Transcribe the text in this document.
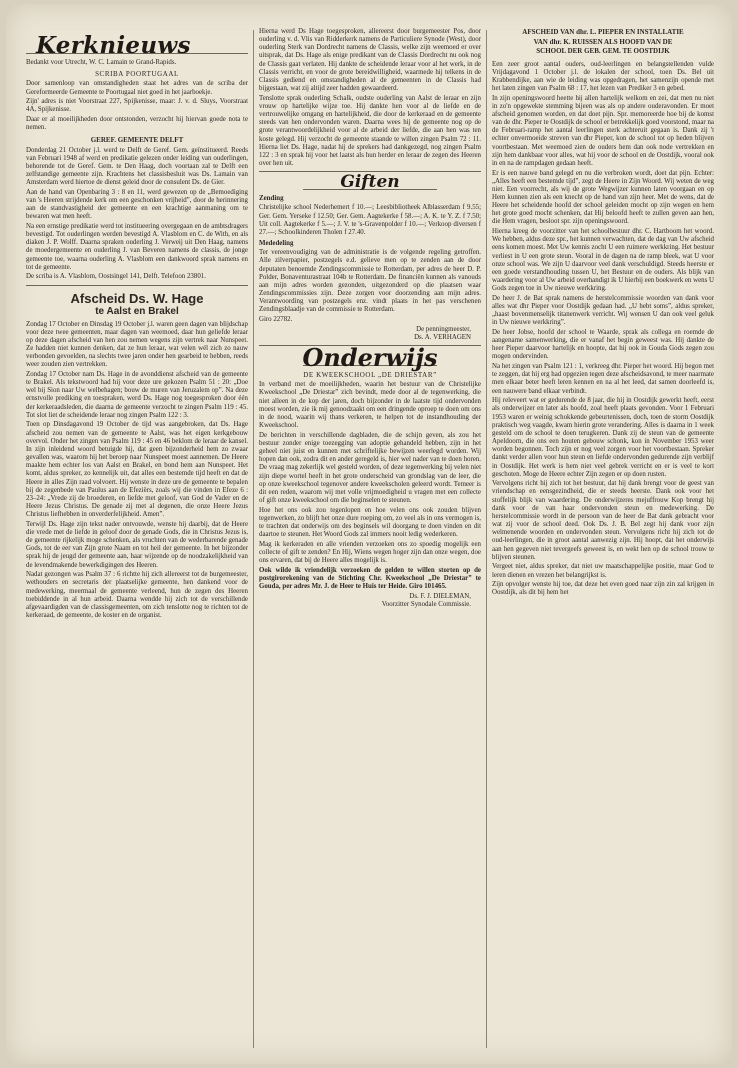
Kerknieuws

Bedankt voor Utrecht, W. C. Lamain te Grand-Rapids.

SCRIBA POORTUGAAL

Door samenloop van omstandigheden staat het adres van de scriba der Gereformeerde Gemeente te Poortugaal niet goed in het jaarboekje.

Zijn' adres is niet Voorstraat 227, Spijkenisse, maar: J. v. d. Sluys, Voorstraat 4A, Spijkenisse.

Daar er al moeilijkheden door ontstonden, verzocht hij hiervan goede nota te nemen.

GEREF. GEMEENTE DELFT

Donderdag 21 October j.l. werd te Delft de Geref. Gem. geïnstitueerd. Reeds van Februari 1948 af werd en predikatie gelezen onder leiding van ouderlingen, behorende tot de Geref. Gem. te Den Haag, doch voortaan zal te Delft een zelfstandige gemeente zijn. Krachtens het classisbesluit was Ds. Lamain van Amsterdam werd hiertoe de dienst geleid door de consulent Ds. de Gier.

Aan de hand van Openbaring 3 : 8 en 11, werd gewezen op de „Bemoediging van 's Heeren strijdende kerk om een geschonken vrijheid”, door de herinnering aan de standvastigheid der gemeente en een krachtige aanmaning om te bewaren wat men heeft.

Na een ernstige predikatie werd tot institueering overgegaan en de ambtsdragers bevestigd. Tot ouderlingen werden bevestigd A. Vlasblom en C. de With, en als diaken J. P. Wolff. Daarna spraken ouderling J. Verweij uit Den Haag, namens de moedergemeente en ouderling J. van Beveren namens de classis, de jonge gemeente toe, waarna ouderling A. Vlasblom een dankwoord sprak namens en tot de gemeente.

De scriba is A. Vlasblom, Oostsingel 141, Delft. Telefoon 23801.

Afscheid Ds. W. Hage
te Aalst en Brakel

Zondag 17 October en Dinsdag 19 October j.l. waren geen dagen van blijdschap voor deze twee gemeenten, maar dagen van weemoed, daar hun geliefde leraar op deze dagen afscheid van hen zou nemen wegens zijn vertrek naar Nunspeet. Ze hadden niet kunnen denken, dat ze hun leraar, wat velen wél zich zo nauw verbonden gevoelden, na slechts twee jaren onder hen gearbeid te hebben, reeds weer zouden zien vertrekken.

Zondag 17 October nam Ds. Hage in de avonddienst afscheid van de gemeente te Brakel. Als tekstwoord had hij voor deze ure gekozen Psalm 51 : 20: „Doe wel bij Sion naar Uw welbehagen; bouw de muren van Jeruzalem op”. Na deze ernstvolle prediking en toespraken, werd Ds. Hage nog toegesproken door één der kerkeraadsleden, die daarna de gemeente verzocht te zingen Psalm 119 : 45. Tot slot liet de scheidende leraar nog zingen Psalm 122 : 3.

Toen op Dinsdagavond 19 October de tijd was aangebroken, dat Ds. Hage afscheid zou nemen van de gemeente te Aalst, was het eigen kerkgebouw overvol. Onder het zingen van Psalm 119 : 45 en 46 beklom de leraar de kansel. In zijn inleidend woord betuigde hij, dat geen bijzonderheid hem zo zwaar gevallen was, waarom hij het beroep naar Nunspeet moest aannemen. De Heere maakte hem echter los van Aalst en Brakel, en bond hem aan Nunspeet. Het komt, aldus spreker, zo kennelijk uit, dat alles een bestemde tijd heeft en dat de Heere in alles Zijn raad volvoert. Hij wenste in deze ure de gemeente te bepalen bij de zegenbede van Paulus aan de Efeziërs, zoals wij die vinden in Efeze 6 : 23–24: „Vrede zij de broederen, en liefde met geloof, van God de Vader en de Heere Jezus Christus. De genade zij met al degenen, die onze Heere Jezus Christus liefhebben in onverderfelijkheid. Amen”.

Terwijl Ds. Hage zijn tekst nader ontvouwde, wenste hij daarbij, dat de Heere die vrede met de liefde in geloof door de genade Gods, die in Christus Jezus is, de gemeente rijkelijk moge schenken, als vruchten van de wederbarende genade Gods, tot de eer van Zijn grote Naam en tot heil der gemeente. In het bijzonder sprak hij de jeugd der gemeente aan, haar wijzende op de noodzakelijkheid van de levendmakende bewerkdigingen des Heeren.

Nadat gezongen was Psalm 37 : 6 richtte hij zich allereerst tot de burgemeester, wethouders en secretaris der plaatselijke gemeente, hen dankend voor de medewerking, meermaal de gemeente verleend, hun de zegen des Heeren toebiddende in al hun arbeid. Daarna wendde hij zich tot de verschillende afgevaardigden van de classisgemeenten, om zich tenslotte nog te richten tot de kerkeraad, de gemeente, de koster en de organist.

Hierna werd Ds Hage toegesproken, allereerst door burgemeester Pos, door ouderling v. d. Vlis van Ridderkerk namens de Particuliere Synode (West), door ouderling Sterk van Dordrecht namens de Classis, welke zijn weemoed er over uitsprak, dat Ds. Hage als enige predikant van de Classis Dordrecht nu ook nog de Classis gaat verlaten. Hij dankte de scheidende leraar voor al het werk, in de Classis verricht, en voor de grote bereidwilligheid, waarmede hij telkens in de Classis gediend en omstandigheden al de gemeenten in de Classis had bijgestaan, wat zij altijd zeer hadden gewaardeerd.

Tenslotte sprak ouderling Schalk, oudste ouderling van Aalst de leraar en zijn vrouw op hartelijke wijze toe. Hij dankte hen voor al de liefde en de vertrouwelijke omgang en hartelijkheid, die door de kerkeraad en de gemeente steeds van hen ondervonden waren. Daarna wees hij de gemeente nog op de grote verantwoordelijkheid voor al de arbeid der liefde, die aan hen was ten koste gelegd. Hij verzocht de gemeente staande te willen zingen Psalm 72 : 11. Hierna liet Ds. Hage, nadat hij de sprekers had dankgezegd, nog zingen Psalm 122 : 3 en sprak hij voor het laatst als hun herder en leraar de zegen des Heeren over hen uit.

Giften
Zending

Christelijke school Nederhemert f 10.—; Leesbibliotheek Alblasserdam f 9.55; Ger. Gem. Yerseke f 12.50; Ger. Gem. Aagtekerke f 58.—; A. K. te Y. Z. f 7.50; Uit coll. Aagtekerke f 5.—; J. V. te 's-Gravenpolder f 10.—; Verkoop diversen f 27.—; Schoolkinderen Tholen f 27.40.

Mededeling

Ter vereenvoudiging van de administratie is de volgende regeling getroffen. Alle zilverpapier, postzegels e.d. gelieve men op te zenden aan de door deputaten benoemde Zendingscommissie te Rotterdam, per adres de heer D. P. Polder, Bonaventurastraat 104b te Rotterdam. De financiën kunnen als vanouds aan mijn adres worden gezonden, uitgezonderd op die plaatsen waar Zendingscommissies zijn. Deze zorgen voor doorzending aan mijn adres. Verantwoording van postzegels enz. vindt plaats in het pas verschenen Zendingsblaadje van de commissie te Rotterdam.

Giro 22782.

De penningmeester,

Ds. A. VERHAGEN

Onderwijs
DE KWEEKSCHOOL „DE DRIESTAR”

In verband met de moeilijkheden, waarin het bestuur van de Christelijke Kweekschool „De Driestar” zich bevindt, mede door al de tegenwerking, die niet alleen in de kop der jaren, doch bijzonder in de laatste tijd ondervonden moest worden, zie ik mij genoodzaakt om een dringende oproep te doen om ons in de nood, waarin wij thans verkeren, te helpen tot de instandhouding der Kweekschool.

De berichten in verschillende dagbladen, die de schijn geven, als zou het bestuur zonder enige toezegging van adoptie gehandeld hebben, zijn in het geheel niet juist en kunnen met schriftelijke bewijzen weerlegd worden. Wij hopen dan ook, zodra dit en ander geregeld is, hier wel nader van te doen horen. De vraag mag zekerlijk wel gesteld worden, of deze tegenwerking bij velen niet zijn diepe wortel heeft in het grote onderscheid van grondslag van de leer, die op onze kweekschool tegenover andere kweekscholen geleerd wordt. Temeer is dit een reden, waarom wij met volle vrijmoedigheid u vragen met een collecte of gift onze kweekschool om die beginselen te steunen.

Hoe het ons ook zou tegenlopen en hoe velen ons ook zouden blijven tegenwerken, zo blijft het onze dure roeping om, zo veel als in ons vermogen is, te trachten dat onderwijs om des beginsels wil doorgang te doen vinden en dit daartoe te steunen. Het Woord Gods zal immers nooit ledig wederkeren.

Mag ik kerkeraden en alle vrienden verzoeken ons zo spoedig mogelijk een collecte of gift te zenden? En Hij, Wiens wegen hoger zijn dan onze wegen, doe ons ervaren, dat bij de Heere alles mogelijk is.

Ook wilde ik vriendelijk verzoeken de gelden te willen storten op de postgirorekening van de Stichting Chr. Kweekschool „De Driestar” te Gouda, per adres Mr. J. de Heer te Huis ter Heide. Giro 101465.

Ds. F. J. DIELEMAN,

Voorzitter Synodale Commissie.

AFSCHEID VAN dhr. L. PIEPER EN INSTALLATIE
VAN dhr. K. RUISSEN ALS HOOFD VAN DE
SCHOOL DER GEB. GEM. TE OOSTDIJK

Een zeer groot aantal ouders, oud-leerlingen en belangstellenden vulde Vrijdagavond 1 October j.l. de lokalen der school, toen Ds. Bel uit Krabbendijke, aan wie de leiding was opgedragen, het samenzijn opende met het laten zingen van Psalm 68 : 17, het lezen van Prediker 3 en gebed.

In zijn openingswoord heette hij allen hartelijk welkom en zei, dat men nu niet in zo'n opgewekte stemming bijeen was als op andere ouderavonden. Er moet afscheid genomen worden, en dat doet pijn. Spr. memoreerde hoe bij de komst van de dhr. Pieper te Oostdijk de school er betrekkelijk goed voorstond, maar na de Februari-ramp het aantal leerlingen sterk achteruit gegaan is. Dank zij 't echter onvermoeide streven van dhr Pieper, kon de school tot op heden blijven voortbestaan. Met weemoed zien de ouders hem dan ook node vertrekken en zijn hem dankbaar voor alles, wat hij voor de school en de Oostdijk, vooral ook in en na de rampdagen gedaan heeft.

Er is een nauwe band gelegd en nu die verbroken wordt, doet dat pijn. Echter: „Alles heeft een bestemde tijd”, zegt de Heere in Zijn Woord. Wij weten de weg niet. Een voorrecht, als wij de grote Wegwijzer kunnen laten voorgaan en op Hem kunnen zien als een knecht op de hand van zijn heer. Met de wens, dat de Heere het scheidende hoofd der school geleiden mocht op zijn wegen en hem het grote goed mocht schenken, dat Hij beloofd heeft te zullen geven aan hen, die Hem vragen, besloot spr. zijn openingswoord.

Hierna kreeg de voorzitter van het schoolbestuur dhr. C. Hartboom het woord. We hebben, aldus deze spr., het kunnen verwachten, dat de dag van Uw afscheid eens komen moest. Met Uw kennis zocht U een ruimere werkkring. Het bestuur verliest in U een grote steun. Vooral in de dagen na de ramp bleek, wat U voor onze school was. We zijn U daarvoor veel dank verschuldigd. Steeds heerste er een goede verstandhouding tussen U, het Bestuur en de ouders. Als blijk van waardering voor al Uw arbeid overhandigt ik U hierbij een boekwerk en wens U Gods zegen toe in Uw nieuwe werkkring.

De heer J. de Bat sprak namens de herstelcommissie woorden van dank voor alles wat dhr Pieper voor Oostdijk gedaan had. „U hebt soms”, aldus spreker, „haast bovenmenselijk titanenwerk verricht. Wij wensen U dan ook veel geluk in Uw nieuwe werkkring”.

De heer Jobse, hoofd der school te Waarde, sprak als collega en roemde de aangename samenwerking, die er vanaf het begin geweest was. Hij dankte de heer Pieper daarvoor hartelijk en hoopte, dat hij ook in Gouda Gods zegen zou mogen ondervinden.

Na het zingen van Psalm 121 : 1, verkreeg dhr. Pieper het woord. Hij begon met te zeggen, dat hij erg had opgezien tegen deze afscheidsavond, te meer naarmate men elkaar beter heeft leren kennen en na al het leed, dat samen doorleefd is, een nauwere band elkaar verbindt.

Hij releveert wat er gedurende de 8 jaar, die hij in Oostdijk gewerkt heeft, eerst als onderwijzer en later als hoofd, zoal heeft plaats gevonden. Voor 1 Februari 1953 waren er weinig schokkende gebeurtenissen, doch, toen de storm Oostdijk praktisch weg vaagde, kwam hierin grote verandering. Alles is daarna in 1 week gesteld om de school te doen terugkeren. Dank zij de steun van de gemeente Apeldoorn, die ons een houten gebouw schonk, kon in November 1953 weer worden begonnen. Toch zijn er nog veel zorgen voor het voortbestaan. Spreker dankt verder allen voor hun steun en liefde ondervonden gedurende zijn verblijf in Oostdijk. Het werk is hem niet veel gebrek verricht en er is veel te kort geschoten. Moge de Heere echter Zijn zegen er op doen rusten.

Vervolgens richt hij zich tot het bestuur, dat hij dank brengt voor de geest van vriendschap en eensgezindheid, die er steeds heerste. Dank ook voor het stoffelijk blijk van waardering. De onderwijzeres mejuffrouw Kop brengt hij dank voor de van haar ondervonden steun en medewerking. De herstelcommissie wordt in de persoon van de heer de Bat dank gebracht voor wat zij voor de school deed. Ook Ds. J. B. Bel zegt hij dank voor zijn welmenende woorden en ondervonden steun. Vervolgens richt hij zich tot de oud-leerlingen, die in groot aantal aanwezig zijn. Hij hoopt, dat het onderwijs aan hen gegeven niet tevergeefs geweest is, en wekt hen op de school trouw te blijven steunen.

Vergeet niet, aldus spreker, dat niet uw maatschappelijke positie, maar God te leren dienen en vrezen het belangrijkst is.

Zijn opvolger wenste hij toe, dat deze het even goed naar zijn zin zal krijgen in Oostdijk, als dit bij hem het
